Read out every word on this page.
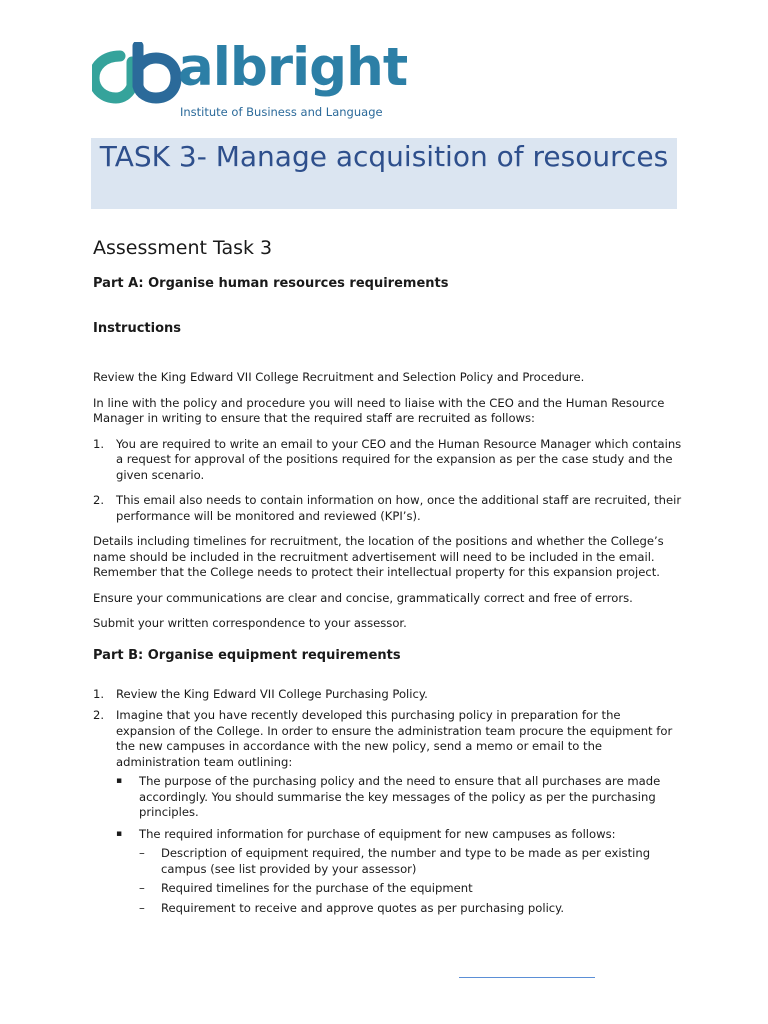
albright
Institute of Business and Language
TASK 3- Manage acquisition of resources
Assessment Task 3
Part A: Organise human resources requirements
Instructions

Review the King Edward VII College Recruitment and Selection Policy and Procedure.

In line with the policy and procedure you will need to liaise with the CEO and the Human Resource Manager in writing to ensure that the required staff are recruited as follows:

1. You are required to write an email to your CEO and the Human Resource Manager which contains a request for approval of the positions required for the expansion as per the case study and the given scenario.
2. This email also needs to contain information on how, once the additional staff are recruited, their performance will be monitored and reviewed (KPI’s).

Details including timelines for recruitment, the location of the positions and whether the College’s name should be included in the recruitment advertisement will need to be included in the email. Remember that the College needs to protect their intellectual property for this expansion project.

Ensure your communications are clear and concise, grammatically correct and free of errors.

Submit your written correspondence to your assessor.

Part B: Organise equipment requirements
1. Review the King Edward VII College Purchasing Policy.
2. Imagine that you have recently developed this purchasing policy in preparation for the expansion of the College. In order to ensure the administration team procure the equipment for the new campuses in accordance with the new policy, send a memo or email to the administration team outlining:
▪ The purpose of the purchasing policy and the need to ensure that all purchases are made accordingly. You should summarise the key messages of the policy as per the purchasing principles.
▪ The required information for purchase of equipment for new campuses as follows:
– Description of equipment required, the number and type to be made as per existing campus (see list provided by your assessor)
– Required timelines for the purchase of the equipment
– Requirement to receive and approve quotes as per purchasing policy.
